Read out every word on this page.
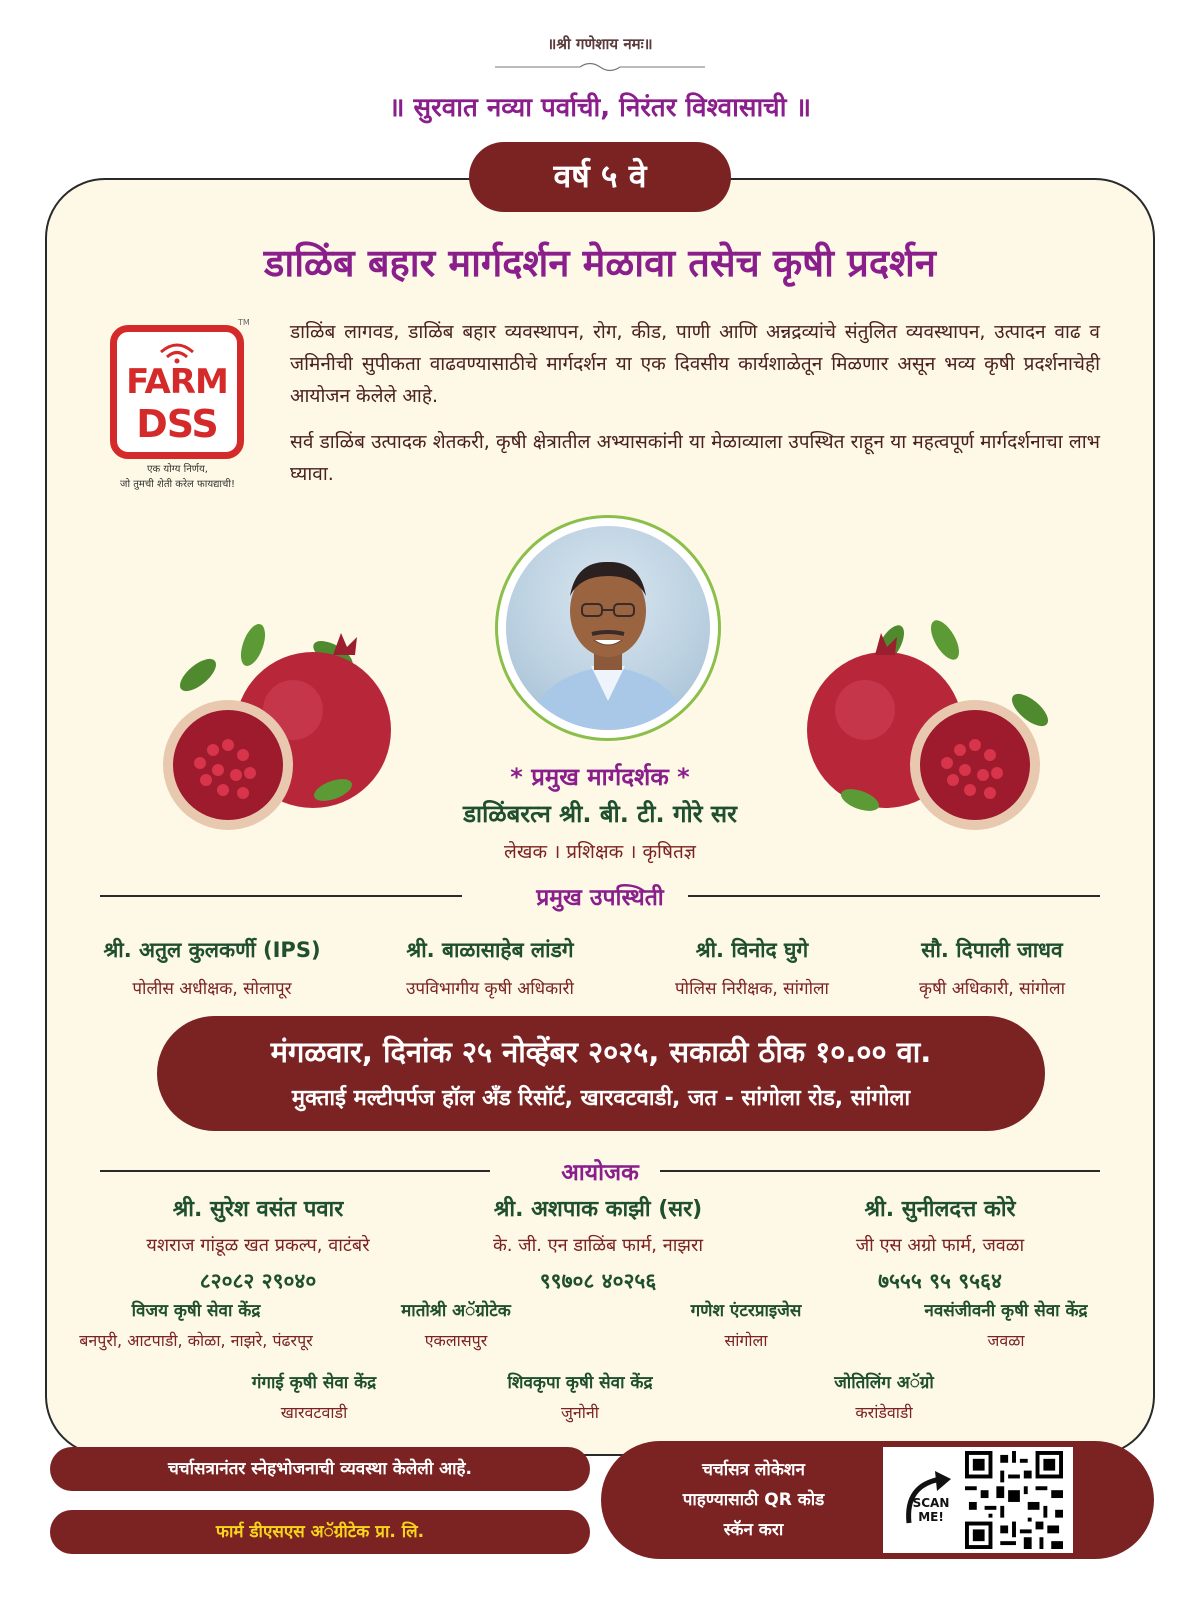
॥श्री गणेशाय नमः॥
॥ सुरवात नव्या पर्वाची, निरंतर विश्वासाची ॥
वर्ष ५ वे
डाळिंब बहार मार्गदर्शन मेळावा तसेच कृषी प्रदर्शन
FARM
DSS
TM
एक योग्य निर्णय,
जो तुमची शेती करेल फायद्याची!

डाळिंब लागवड, डाळिंब बहार व्यवस्थापन, रोग, कीड, पाणी आणि अन्नद्रव्यांचे संतुलित व्यवस्थापन, उत्पादन वाढ व जमिनीची सुपीकता वाढवण्यासाठीचे मार्गदर्शन या एक दिवसीय कार्यशाळेतून मिळणार असून भव्य कृषी प्रदर्शनाचेही आयोजन केलेले आहे.

सर्व डाळिंब उत्पादक शेतकरी, कृषी क्षेत्रातील अभ्यासकांनी या मेळाव्याला उपस्थित राहून या महत्वपूर्ण मार्गदर्शनाचा लाभ घ्यावा.

* प्रमुख मार्गदर्शक *
डाळिंबरत्न श्री. बी. टी. गोरे सर
लेखक । प्रशिक्षक । कृषितज्ञ
प्रमुख उपस्थिती
श्री. अतुल कुलकर्णी (IPS)
पोलीस अधीक्षक, सोलापूर
श्री. बाळासाहेब लांडगे
उपविभागीय कृषी अधिकारी
श्री. विनोद घुगे
पोलिस निरीक्षक, सांगोला
सौ. दिपाली जाधव
कृषी अधिकारी, सांगोला
मंगळवार, दिनांक २५ नोव्हेंबर २०२५, सकाळी ठीक १०.०० वा.
मुक्ताई मल्टीपर्पज हॉल अँड रिसॉर्ट, खारवटवाडी, जत - सांगोला रोड, सांगोला
आयोजक
श्री. सुरेश वसंत पवार
यशराज गांडूळ खत प्रकल्प, वाटंबरे
८२०८२ २९०४०
श्री. अशपाक काझी (सर)
के. जी. एन डाळिंब फार्म, नाझरा
९९७०८ ४०२५६
श्री. सुनीलदत्त कोरे
जी एस अग्रो फार्म, जवळा
७५५५ ९५ ९५६४
विजय कृषी सेवा केंद्र
बनपुरी, आटपाडी, कोळा, नाझरे, पंढरपूर
मातोश्री अॅग्रोटेक
एकलासपुर
गणेश एंटरप्राइजेस
सांगोला
नवसंजीवनी कृषी सेवा केंद्र
जवळा
गंगाई कृषी सेवा केंद्र
खारवटवाडी
शिवकृपा कृषी सेवा केंद्र
जुनोनी
जोतिलिंग अॅग्रो
करांडेवाडी
चर्चासत्रानंतर स्नेहभोजनाची व्यवस्था केलेली आहे.
फार्म डीएसएस अॅग्रीटेक प्रा. लि.
चर्चासत्र लोकेशन
पाहण्यासाठी QR कोड
स्कॅन करा
SCAN
ME!
